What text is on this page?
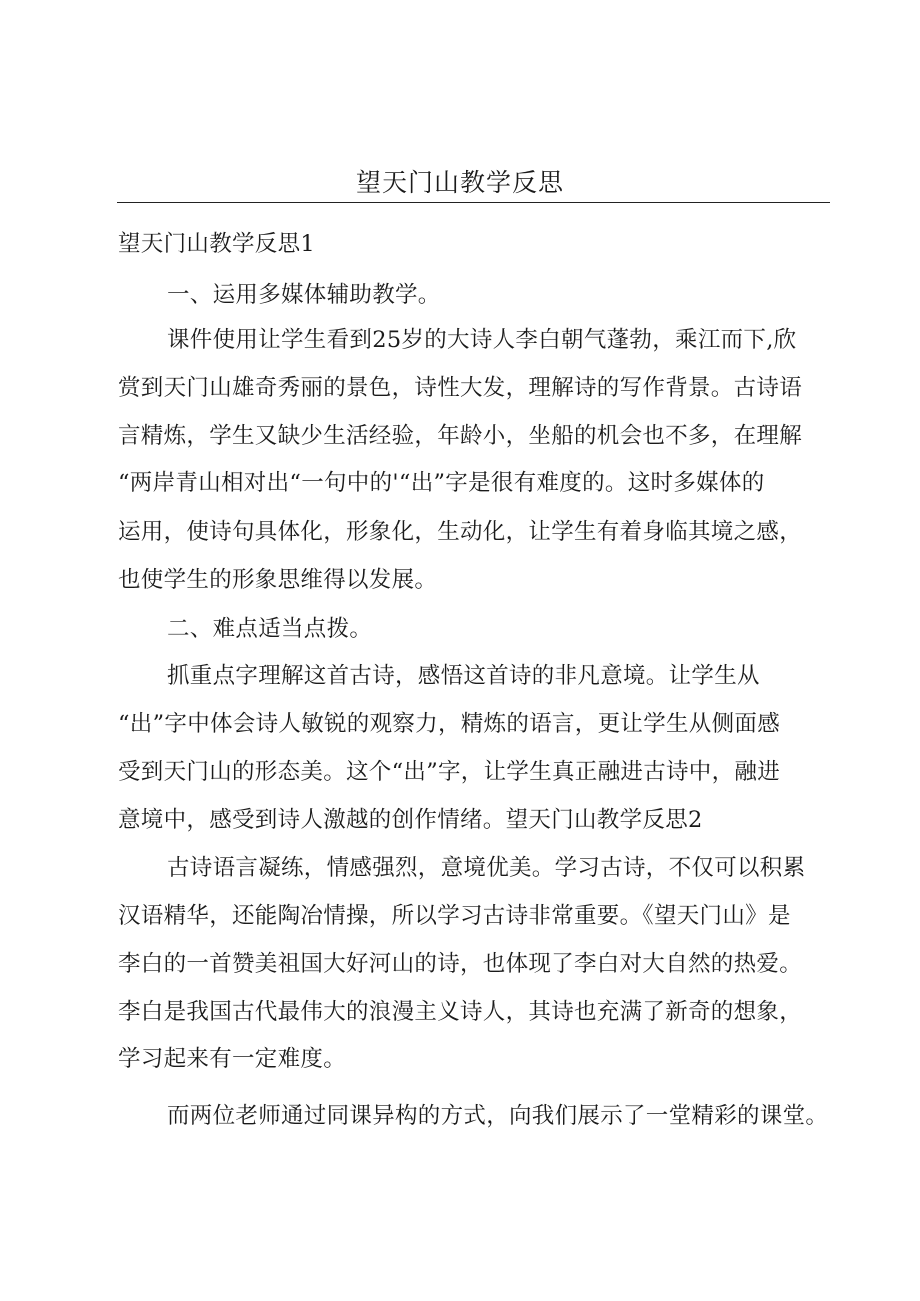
望天门山教学反思
望天门山教学反思1
一、运用多媒体辅助教学。
课件使用让学生看到25岁的大诗人李白朝气蓬勃，乘江而下,欣
赏到天门山雄奇秀丽的景色，诗性大发，理解诗的写作背景。古诗语
言精炼，学生又缺少生活经验，年龄小，坐船的机会也不多，在理解
“两岸青山相对出“一句中的'“出”字是很有难度的。这时多媒体的
运用，使诗句具体化，形象化，生动化，让学生有着身临其境之感，
也使学生的形象思维得以发展。
二、难点适当点拨。
抓重点字理解这首古诗，感悟这首诗的非凡意境。让学生从
“出”字中体会诗人敏锐的观察力，精炼的语言，更让学生从侧面感
受到天门山的形态美。这个“出”字，让学生真正融进古诗中，融进
意境中，感受到诗人激越的创作情绪。望天门山教学反思2
古诗语言凝练，情感强烈，意境优美。学习古诗，不仅可以积累
汉语精华，还能陶冶情操，所以学习古诗非常重要。《望天门山》是
李白的一首赞美祖国大好河山的诗，也体现了李白对大自然的热爱。
李白是我国古代最伟大的浪漫主义诗人，其诗也充满了新奇的想象，
学习起来有一定难度。
而两位老师通过同课异构的方式，向我们展示了一堂精彩的课堂。
